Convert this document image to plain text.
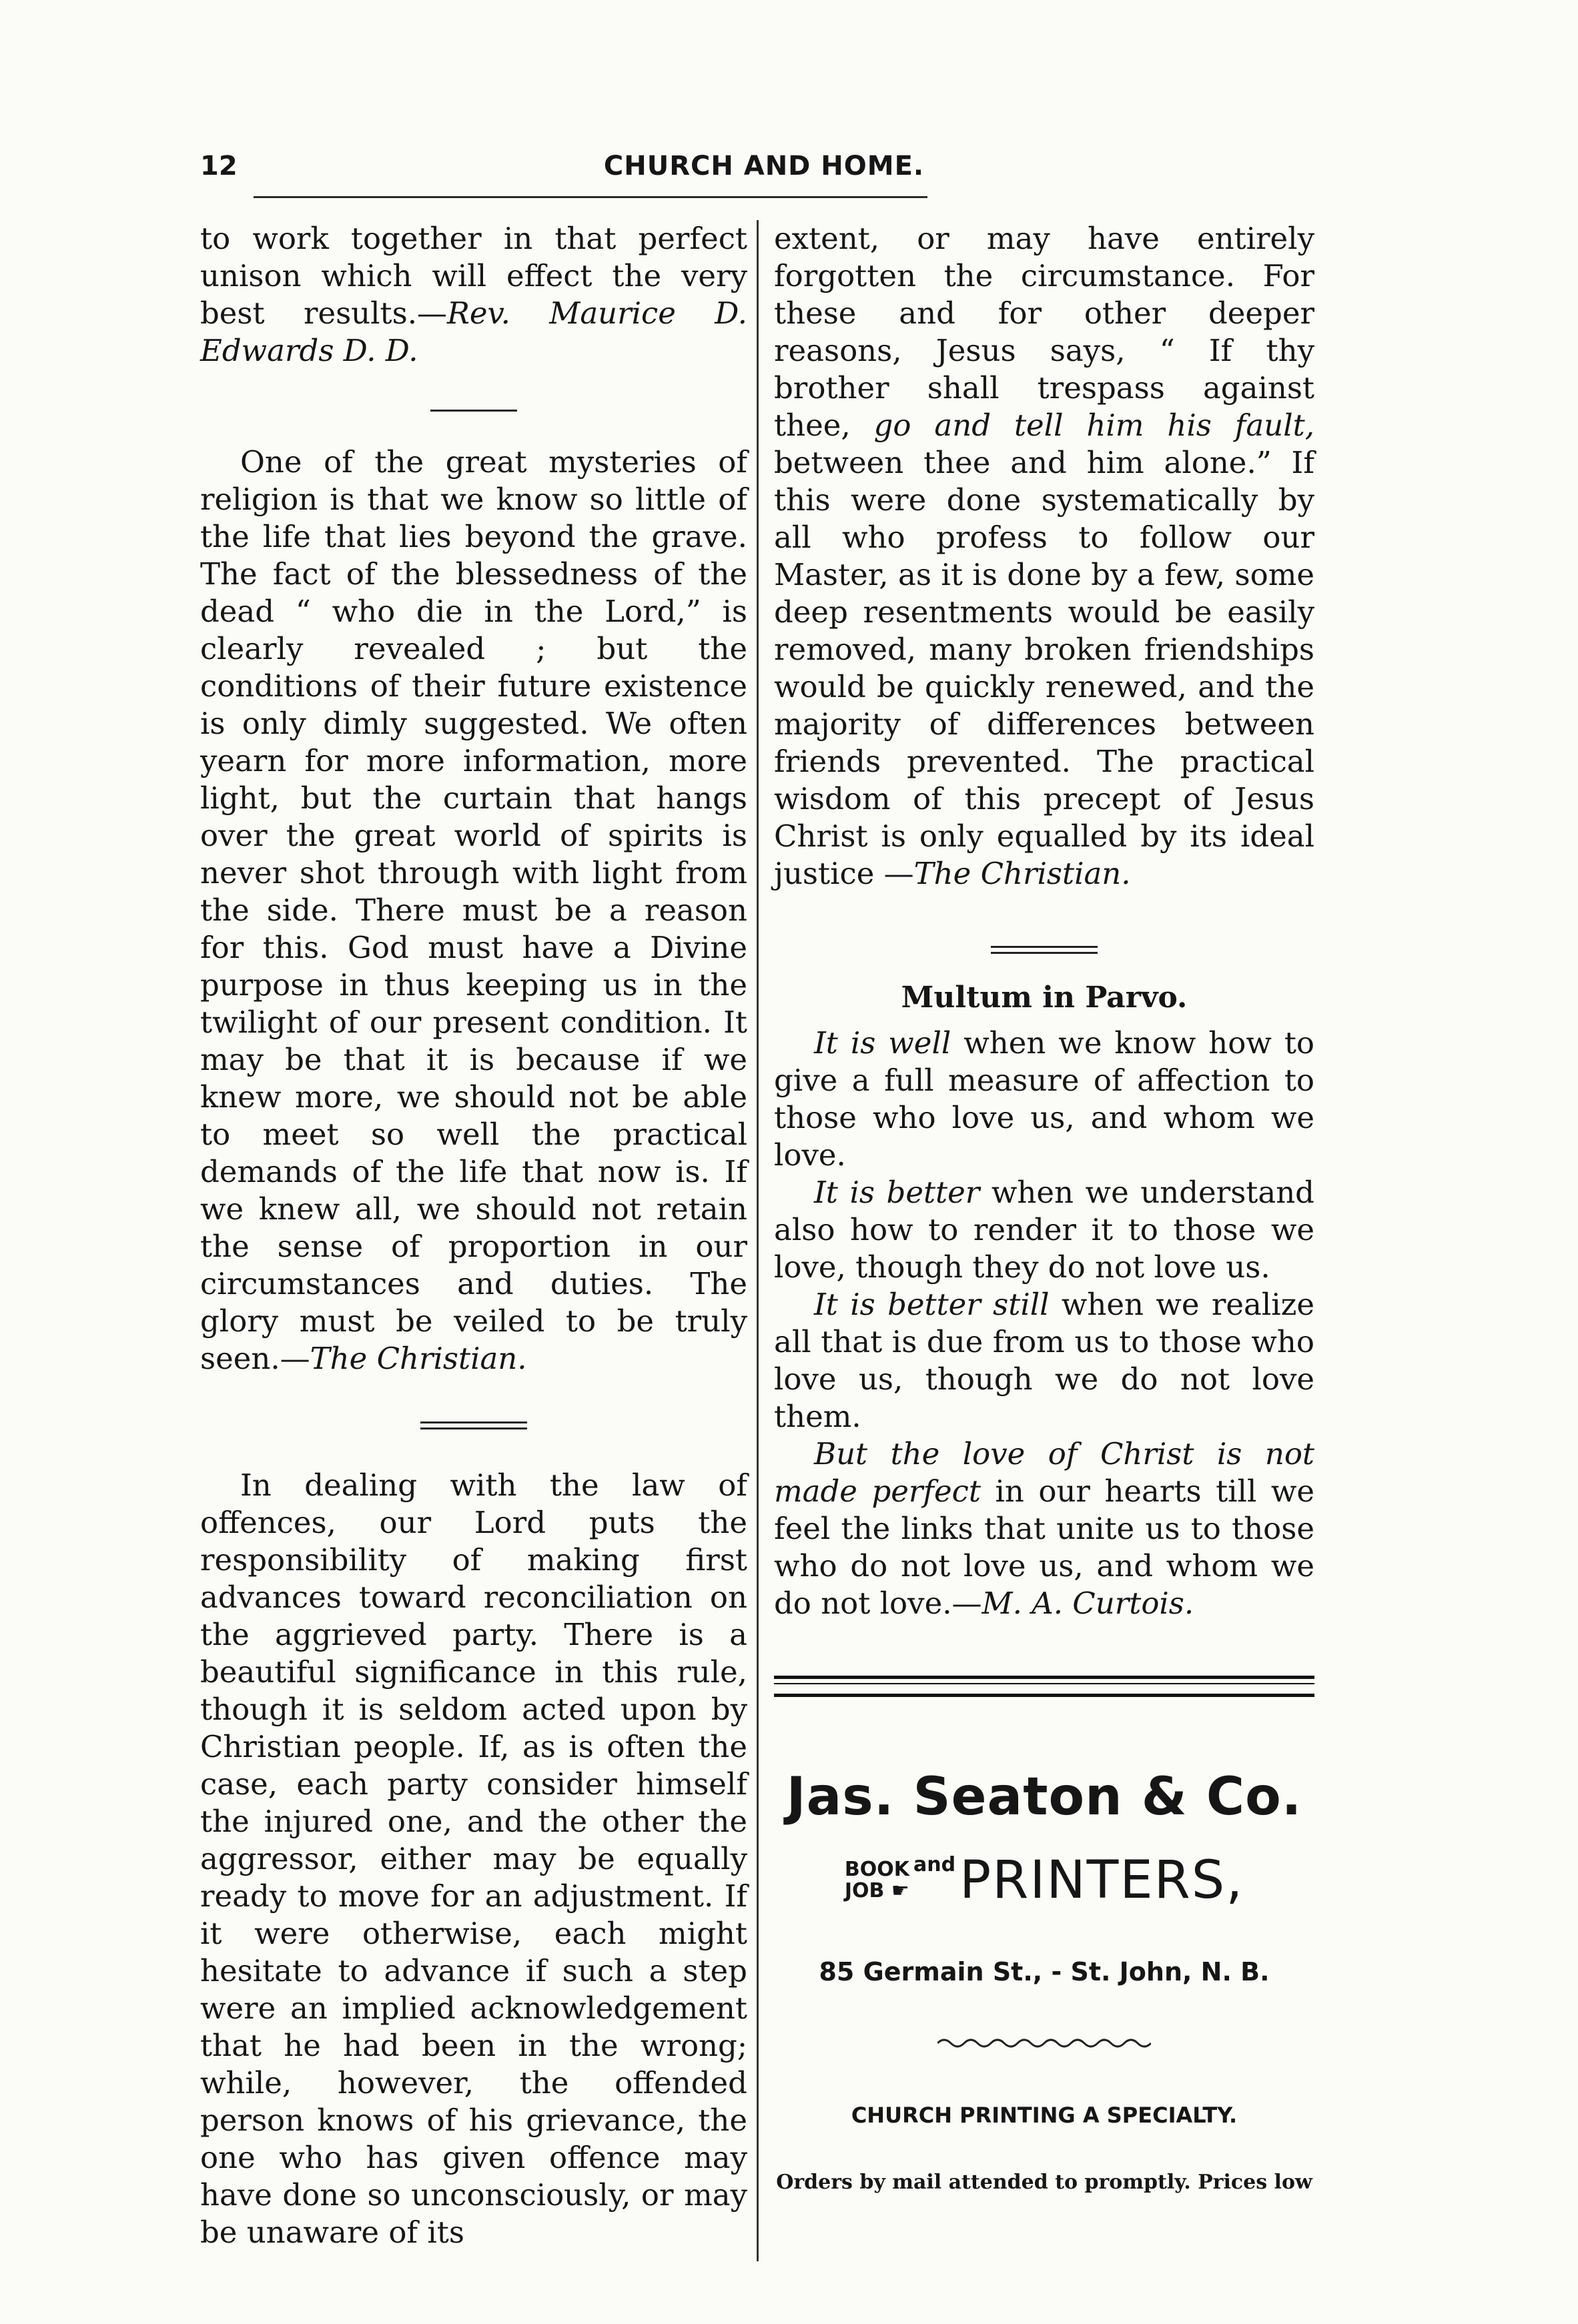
12	CHURCH AND HOME.

to work together in that perfect unison which will effect the very best results.—Rev. Maurice D. Edwards D. D.

One of the great mysteries of religion is that we know so little of the life that lies beyond the grave. The fact of the blessedness of the dead “ who die in the Lord,” is clearly revealed ; but the conditions of their future existence is only dimly suggested. We often yearn for more information, more light, but the curtain that hangs over the great world of spirits is never shot through with light from the side. There must be a reason for this. God must have a Divine purpose in thus keeping us in the twilight of our present condition. It may be that it is because if we knew more, we should not be able to meet so well the practical demands of the life that now is. If we knew all, we should not retain the sense of proportion in our circumstances and duties. The glory must be veiled to be truly seen.—The Christian.

In dealing with the law of offences, our Lord puts the responsibility of making first advances toward reconciliation on the aggrieved party. There is a beautiful significance in this rule, though it is seldom acted upon by Christian people. If, as is often the case, each party consider himself the injured one, and the other the aggressor, either may be equally ready to move for an adjustment. If it were otherwise, each might hesitate to advance if such a step were an implied acknowledgement that he had been in the wrong; while, however, the offended person knows of his grievance, the one who has given offence may have done so unconsciously, or may be unaware of its

extent, or may have entirely forgotten the circumstance. For these and for other deeper reasons, Jesus says, “ If thy brother shall trespass against thee, go and tell him his fault, between thee and him alone.” If this were done systematically by all who profess to follow our Master, as it is done by a few, some deep resentments would be easily removed, many broken friendships would be quickly renewed, and the majority of differences between friends prevented. The practical wisdom of this precept of Jesus Christ is only equalled by its ideal justice —The Christian.

Multum in Parvo.

It is well when we know how to give a full measure of affection to those who love us, and whom we love.

It is better when we understand also how to render it to those we love, though they do not love us.

It is better still when we realize all that is due from us to those who love us, though we do not love them.

But the love of Christ is not made perfect in our hearts till we feel the links that unite us to those who do not love us, and whom we do not love.—M. A. Curtois.

Jas. Seaton & Co.
BOOK
JOB ☛
and PRINTERS,
85 Germain St., - St. John, N. B.
CHURCH PRINTING A SPECIALTY.
Orders by mail attended to promptly. Prices low
